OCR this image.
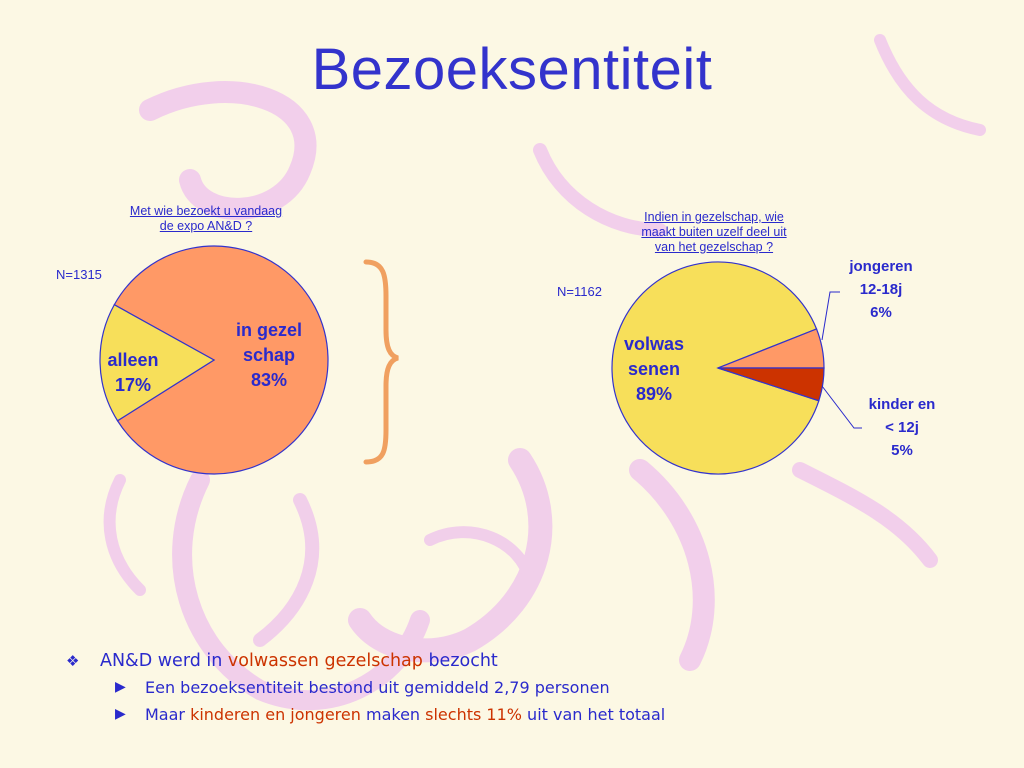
Bezoeksentiteit
Met wie bezoekt u vandaag
de expo AN&D ?
Indien in gezelschap, wie
maakt buiten uzelf deel uit
van het gezelschap ?
N=1315
N=1162
in gezel
schap
83%
alleen
17%
volwas
senen
89%
jongeren
12-18j
6%
kinder en
< 12j
5%
❖ AN&D werd in volwassen gezelschap bezocht
▶ Een bezoeksentiteit bestond uit gemiddeld 2,79 personen
▶ Maar kinderen en jongeren maken slechts 11% uit van het totaal
